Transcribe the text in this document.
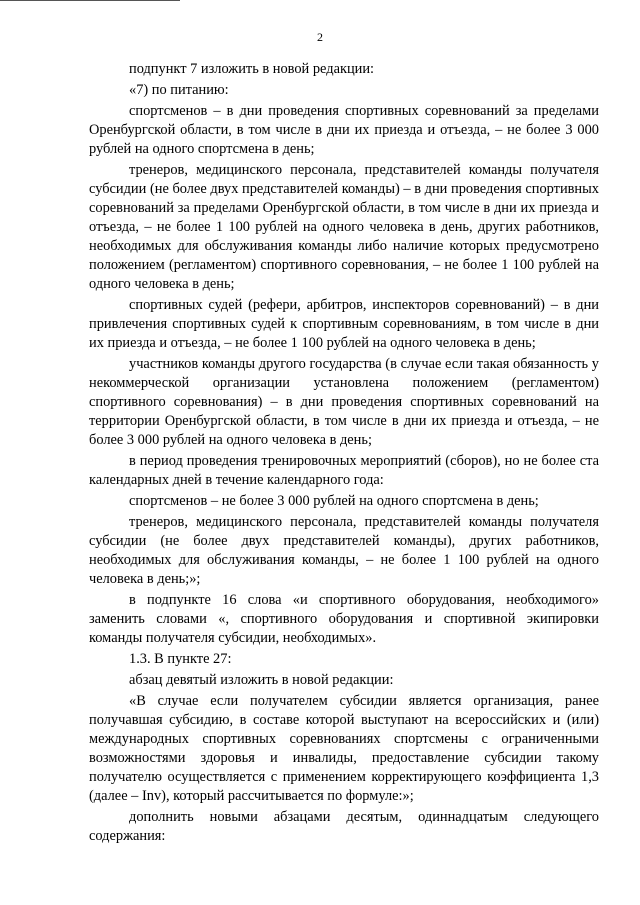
2

подпункт 7 изложить в новой редакции:

«7) по питанию:

спортсменов – в дни проведения спортивных соревнований за пределами Оренбургской области, в том числе в дни их приезда и отъезда, – не более 3 000 рублей на одного спортсмена в день;

тренеров, медицинского персонала, представителей команды получателя субсидии (не более двух представителей команды) – в дни проведения спортивных соревнований за пределами Оренбургской области, в том числе в дни их приезда и отъезда, – не более 1 100 рублей на одного человека в день, других работников, необходимых для обслуживания команды либо наличие которых предусмотрено положением (регламентом) спортивного соревнования, – не более 1 100 рублей на одного человека в день;

спортивных судей (рефери, арбитров, инспекторов соревнований) – в дни привлечения спортивных судей к спортивным соревнованиям, в том числе в дни их приезда и отъезда, – не более 1 100 рублей на одного человека в день;

участников команды другого государства (в случае если такая обязанность у некоммерческой организации установлена положением (регламентом) спортивного соревнования) – в дни проведения спортивных соревнований на территории Оренбургской области, в том числе в дни их приезда и отъезда, – не более 3 000 рублей на одного человека в день;

в период проведения тренировочных мероприятий (сборов), но не более ста календарных дней в течение календарного года:

спортсменов – не более 3 000 рублей на одного спортсмена в день;

тренеров, медицинского персонала, представителей команды получателя субсидии (не более двух представителей команды), других работников, необходимых для обслуживания команды, – не более 1 100 рублей на одного человека в день;»;

в подпункте 16 слова «и спортивного оборудования, необходимого» заменить словами «, спортивного оборудования и спортивной экипировки команды получателя субсидии, необходимых».

1.3. В пункте 27:

абзац девятый изложить в новой редакции:

«В случае если получателем субсидии является организация, ранее получавшая субсидию, в составе которой выступают на всероссийских и (или) международных спортивных соревнованиях спортсмены с ограниченными возможностями здоровья и инвалиды, предоставление субсидии такому получателю осуществляется с применением корректирующего коэффициента 1,3 (далее – Inv), который рассчитывается по формуле:»;

дополнить новыми абзацами десятым, одиннадцатым следующего содержания:
